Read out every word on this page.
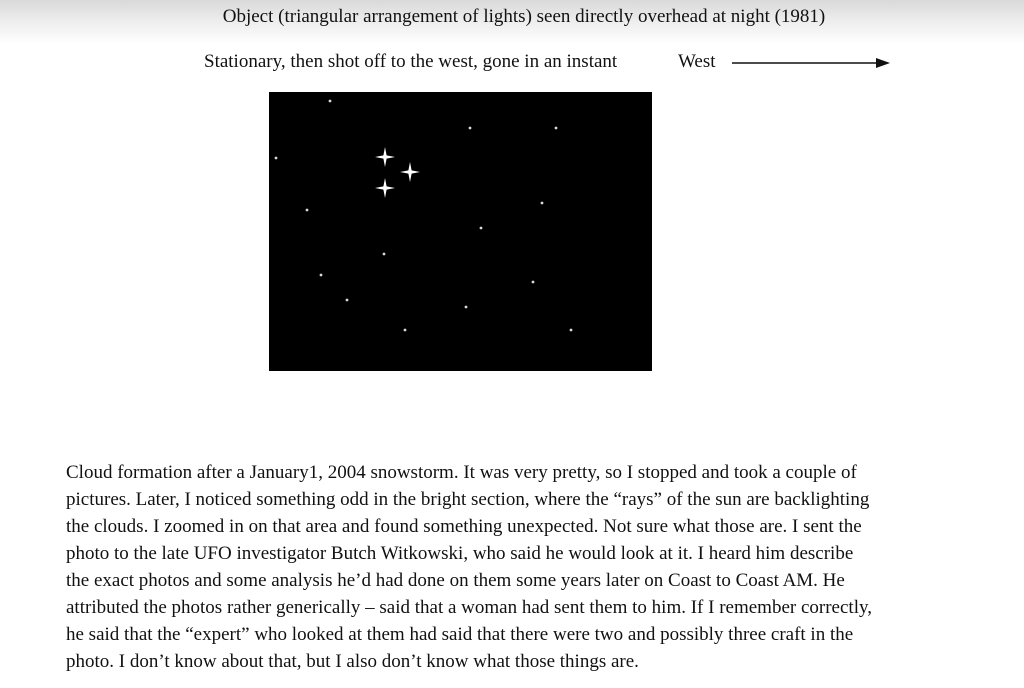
Object (triangular arrangement of lights) seen directly overhead at night (1981)
Stationary, then shot off to the west, gone in an instant	West
Cloud formation after a January1, 2004 snowstorm. It was very pretty, so I stopped and took a couple of
pictures. Later, I noticed something odd in the bright section, where the “rays” of the sun are backlighting
the clouds. I zoomed in on that area and found something unexpected. Not sure what those are. I sent the
photo to the late UFO investigator Butch Witkowski, who said he would look at it. I heard him describe
the exact photos and some analysis he’d had done on them some years later on Coast to Coast AM. He
attributed the photos rather generically – said that a woman had sent them to him. If I remember correctly,
he said that the “expert” who looked at them had said that there were two and possibly three craft in the
photo. I don’t know about that, but I also don’t know what those things are.
